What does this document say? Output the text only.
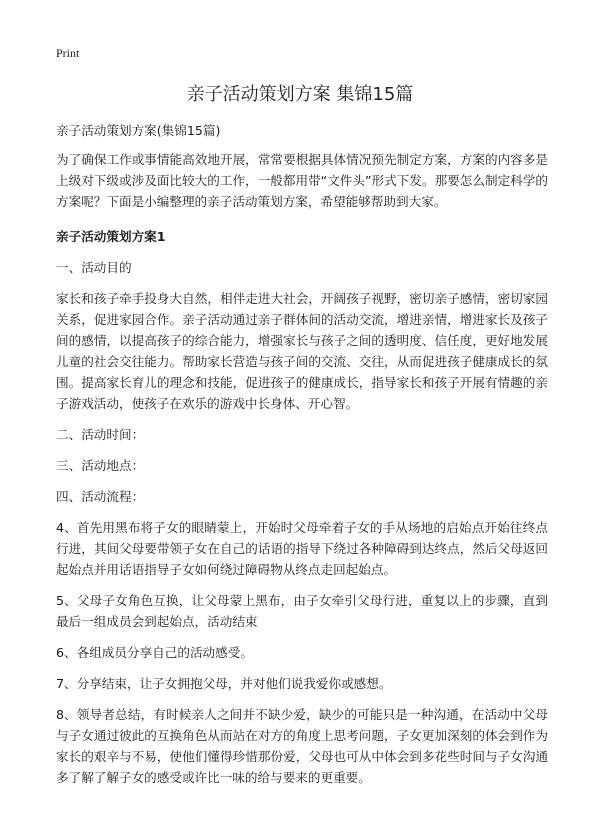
Print
亲子活动策划方案 集锦15篇

亲子活动策划方案(集锦15篇)

为了确保工作或事情能高效地开展，常常要根据具体情况预先制定方案，方案的内容多是上级对下级或涉及面比较大的工作，一般都用带“文件头”形式下发。那要怎么制定科学的方案呢？下面是小编整理的亲子活动策划方案，希望能够帮助到大家。

亲子活动策划方案1

一、活动目的

家长和孩子牵手投身大自然，相伴走进大社会，开阔孩子视野，密切亲子感情，密切家园关系，促进家园合作。亲子活动通过亲子群体间的活动交流，增进亲情，增进家长及孩子间的感情，以提高孩子的综合能力，增强家长与孩子之间的透明度、信任度，更好地发展儿童的社会交往能力。帮助家长营造与孩子间的交流、交往，从而促进孩子健康成长的氛围。提高家长育儿的理念和技能，促进孩子的健康成长，指导家长和孩子开展有情趣的亲子游戏活动，使孩子在欢乐的游戏中长身体、开心智。

二、活动时间：

三、活动地点：

四、活动流程：

4、首先用黑布将子女的眼睛蒙上，开始时父母牵着子女的手从场地的启始点开始往终点行进，其间父母要带领子女在自己的话语的指导下绕过各种障碍到达终点，然后父母返回起始点并用话语指导子女如何绕过障碍物从终点走回起始点。

5、父母子女角色互换，让父母蒙上黑布，由子女牵引父母行进，重复以上的步骤，直到最后一组成员会到起始点，活动结束

6、各组成员分享自己的活动感受。

7、分享结束，让子女拥抱父母，并对他们说我爱你或感想。

8、领导者总结，有时候亲人之间并不缺少爱，缺少的可能只是一种沟通，在活动中父母与子女通过彼此的互换角色从而站在对方的角度上思考问题，子女更加深刻的体会到作为家长的艰辛与不易，使他们懂得珍惜那份爱，父母也可从中体会到多花些时间与子女沟通多了解了解子女的感受或许比一味的给与要来的更重要。
